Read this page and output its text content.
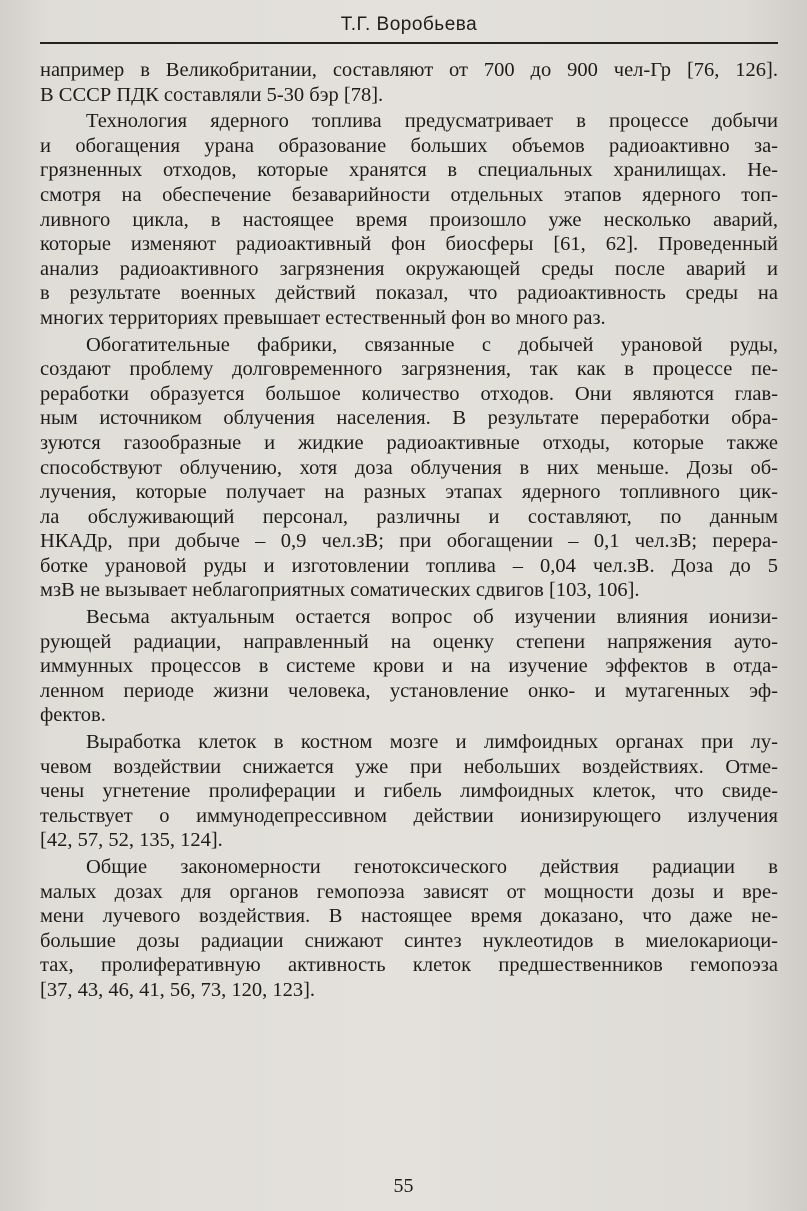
Т.Г. Воробьева
например в Великобритании, составляют от 700 до 900 чел-Гр [76, 126].
В СССР ПДК составляли 5-30 бэр [78].
Технология ядерного топлива предусматривает в процессе добычи
и обогащения урана образование больших объемов радиоактивно за-
грязненных отходов, которые хранятся в специальных хранилищах. Не-
смотря на обеспечение безаварийности отдельных этапов ядерного топ-
ливного цикла, в настоящее время произошло уже несколько аварий,
которые изменяют радиоактивный фон биосферы [61, 62]. Проведенный
анализ радиоактивного загрязнения окружающей среды после аварий и
в результате военных действий показал, что радиоактивность среды на
многих территориях превышает естественный фон во много раз.
Обогатительные фабрики, связанные с добычей урановой руды,
создают проблему долговременного загрязнения, так как в процессе пе-
реработки образуется большое количество отходов. Они являются глав-
ным источником облучения населения. В результате переработки обра-
зуются газообразные и жидкие радиоактивные отходы, которые также
способствуют облучению, хотя доза облучения в них меньше. Дозы об-
лучения, которые получает на разных этапах ядерного топливного цик-
ла обслуживающий персонал, различны и составляют, по данным
НКАДр, при добыче – 0,9 чел.зВ; при обогащении – 0,1 чел.зВ; перера-
ботке урановой руды и изготовлении топлива – 0,04 чел.зВ. Доза до 5
мзВ не вызывает неблагоприятных соматических сдвигов [103, 106].
Весьма актуальным остается вопрос об изучении влияния ионизи-
рующей радиации, направленный на оценку степени напряжения ауто-
иммунных процессов в системе крови и на изучение эффектов в отда-
ленном периоде жизни человека, установление онко- и мутагенных эф-
фектов.
Выработка клеток в костном мозге и лимфоидных органах при лу-
чевом воздействии снижается уже при небольших воздействиях. Отме-
чены угнетение пролиферации и гибель лимфоидных клеток, что свиде-
тельствует о иммунодепрессивном действии ионизирующего излучения
[42, 57, 52, 135, 124].
Общие закономерности генотоксического действия радиации в
малых дозах для органов гемопоэза зависят от мощности дозы и вре-
мени лучевого воздействия. В настоящее время доказано, что даже не-
большие дозы радиации снижают синтез нуклеотидов в миелокариоци-
тах, пролиферативную активность клеток предшественников гемопоэза
[37, 43, 46, 41, 56, 73, 120, 123].
55
